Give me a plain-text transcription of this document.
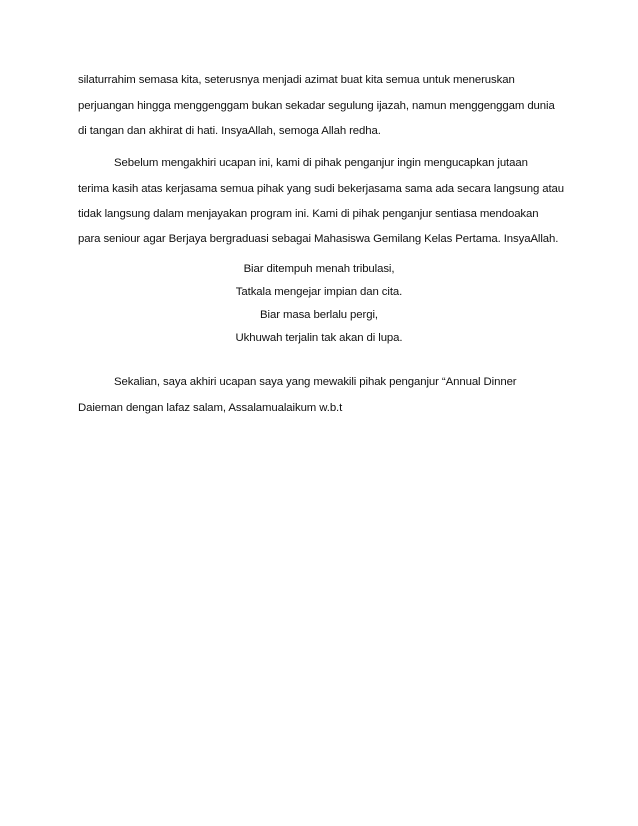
silaturrahim semasa kita, seterusnya menjadi azimat buat kita semua untuk meneruskan
perjuangan hingga menggenggam bukan sekadar segulung ijazah, namun menggenggam dunia
di tangan dan akhirat di hati. InsyaAllah, semoga Allah redha.
Sebelum mengakhiri ucapan ini, kami di pihak penganjur ingin mengucapkan jutaan
terima kasih atas kerjasama semua pihak yang sudi bekerjasama sama ada secara langsung atau
tidak langsung dalam menjayakan program ini. Kami di pihak penganjur sentiasa mendoakan
para seniour agar Berjaya bergraduasi sebagai Mahasiswa Gemilang Kelas Pertama. InsyaAllah.
Biar ditempuh menah tribulasi,
Tatkala mengejar impian dan cita.
Biar masa berlalu pergi,
Ukhuwah terjalin tak akan di lupa.
Sekalian, saya akhiri ucapan saya yang mewakili pihak penganjur “Annual Dinner
Daieman dengan lafaz salam, Assalamualaikum w.b.t
